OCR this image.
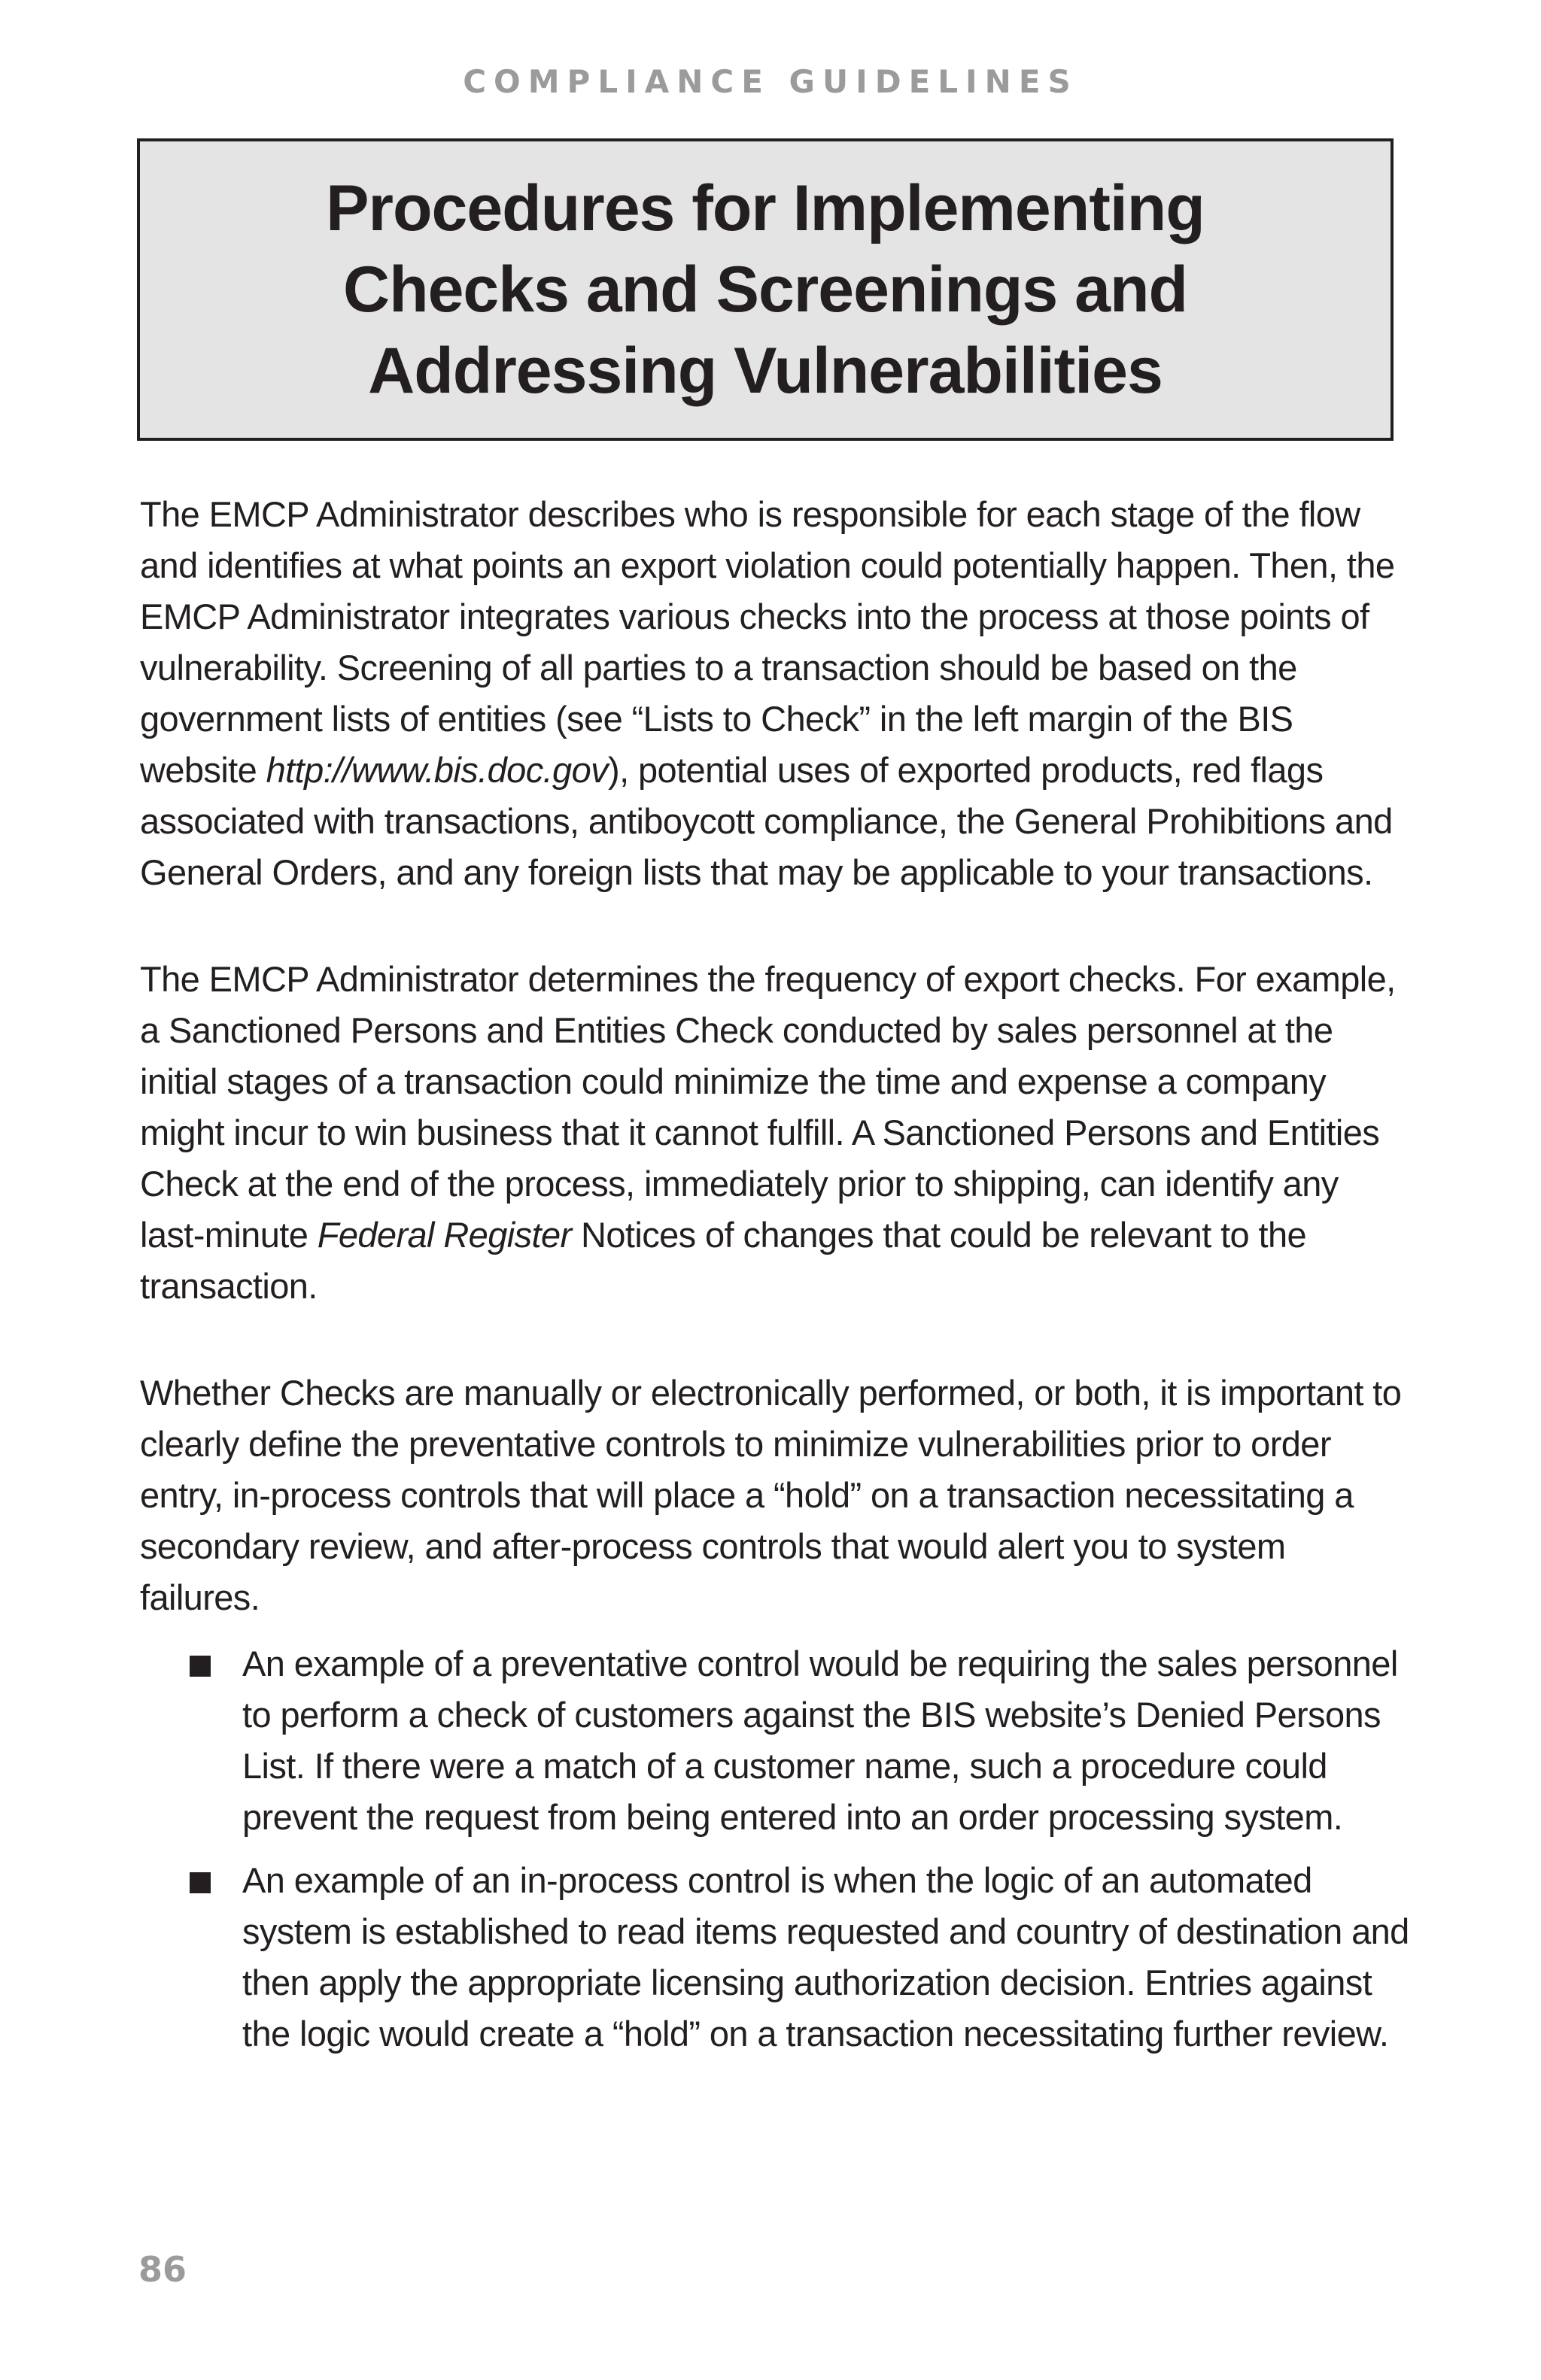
COMPLIANCE GUIDELINES
Procedures for Implementing Checks and Screenings and Addressing Vulnerabilities

The EMCP Administrator describes who is responsible for each stage of the flow and identifies at what points an export violation could potentially happen. Then, the EMCP Administrator integrates various checks into the process at those points of vulnerability. Screening of all parties to a transaction should be based on the government lists of entities (see “Lists to Check” in the left margin of the BIS website http://www.bis.doc.gov), potential uses of exported products, red flags associated with transactions, antiboycott compliance, the General Prohibitions and General Orders, and any foreign lists that may be applicable to your transactions.

The EMCP Administrator determines the frequency of export checks. For example, a Sanctioned Persons and Entities Check conducted by sales personnel at the initial stages of a transaction could minimize the time and expense a company might incur to win business that it cannot fulfill. A Sanctioned Persons and Entities Check at the end of the process, immediately prior to shipping, can identify any last-minute Federal Register Notices of changes that could be relevant to the transaction.

Whether Checks are manually or electronically performed, or both, it is important to clearly define the preventative controls to minimize vulnerabilities prior to order entry, in-process controls that will place a “hold” on a transaction necessitating a secondary review, and after-process controls that would alert you to system failures.

An example of a preventative control would be requiring the sales personnel to perform a check of customers against the BIS website’s Denied Persons List. If there were a match of a customer name, such a procedure could prevent the request from being entered into an order processing system.
An example of an in-process control is when the logic of an automated system is established to read items requested and country of destination and then apply the appropriate licensing authorization decision. Entries against the logic would create a “hold” on a transaction necessitating further review.
86
